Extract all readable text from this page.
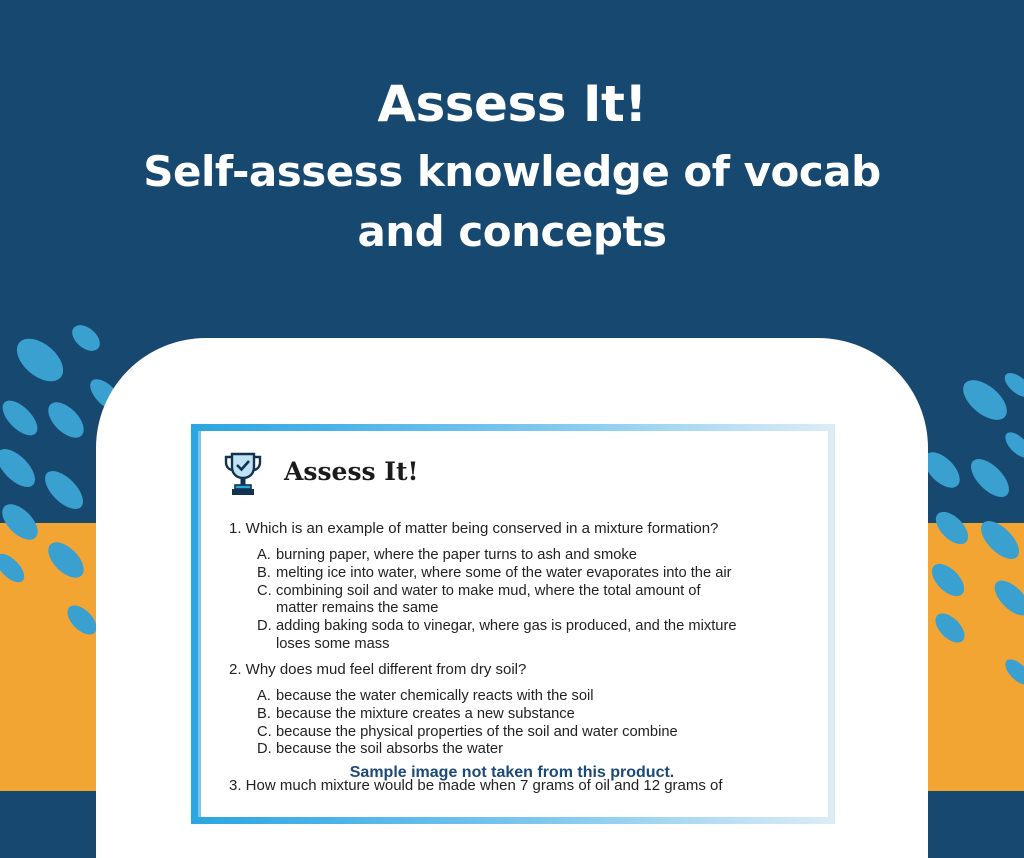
Assess It!
Self-assess knowledge of vocab
and concepts
Assess It!
1. Which is an example of matter being conserved in a mixture formation?
A. burning paper, where the paper turns to ash and smoke
B. melting ice into water, where some of the water evaporates into the air
C. combining soil and water to make mud, where the total amount of
matter remains the same
D. adding baking soda to vinegar, where gas is produced, and the mixture
loses some mass
2. Why does mud feel different from dry soil?
A. because the water chemically reacts with the soil
B. because the mixture creates a new substance
C. because the physical properties of the soil and water combine
D. because the soil absorbs the water
3. How much mixture would be made when 7 grams of oil and 12 grams of
Sample image not taken from this product.
